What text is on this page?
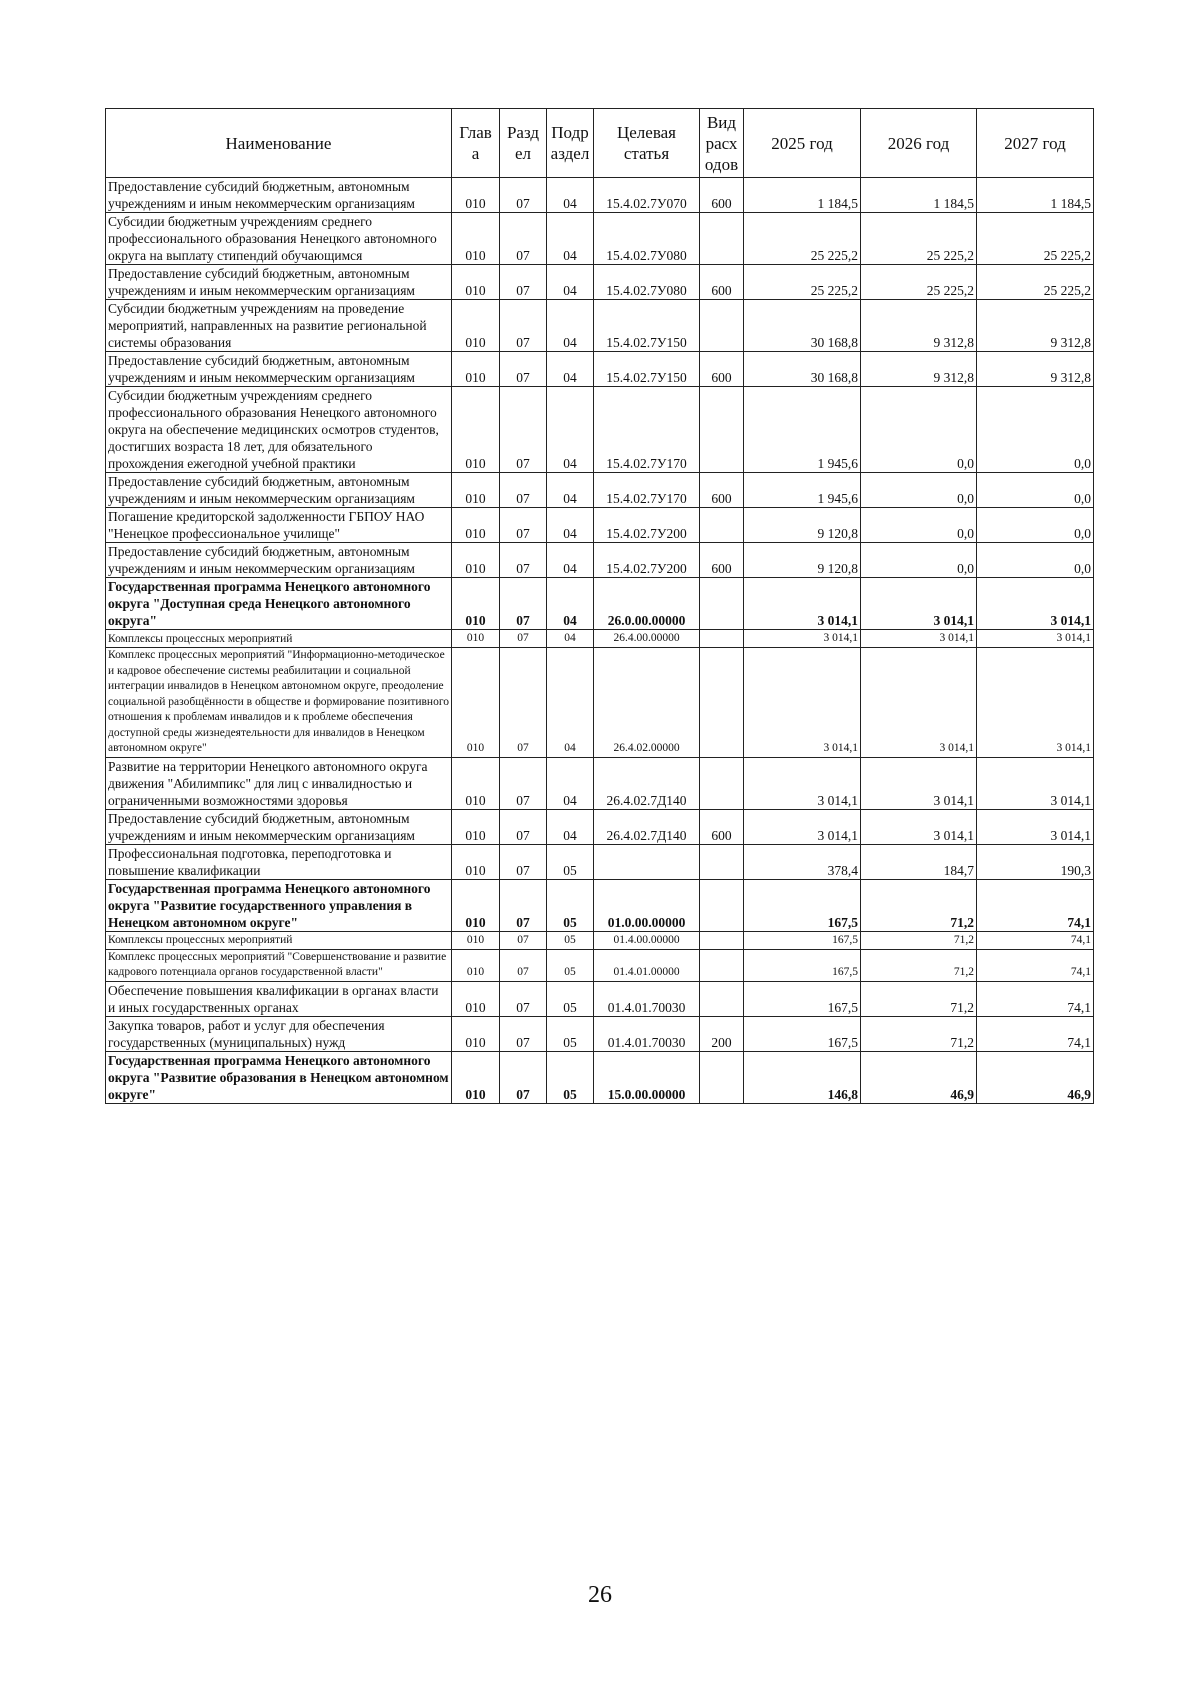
Наименование	Глав а	Разд ел	Подр аздел	Целевая статья	Вид расх одов	2025 год	2026 год	2027 год
Предоставление субсидий бюджетным, автономным учреждениям и иным некоммерческим организациям	010	07	04	15.4.02.7У070	600	1 184,5	1 184,5	1 184,5
Субсидии бюджетным учреждениям среднего профессионального образования Ненецкого автономного округа на выплату стипендий обучающимся	010	07	04	15.4.02.7У080		25 225,2	25 225,2	25 225,2
Предоставление субсидий бюджетным, автономным учреждениям и иным некоммерческим организациям	010	07	04	15.4.02.7У080	600	25 225,2	25 225,2	25 225,2
Субсидии бюджетным учреждениям на проведение мероприятий, направленных на развитие региональной системы образования	010	07	04	15.4.02.7У150		30 168,8	9 312,8	9 312,8
Предоставление субсидий бюджетным, автономным учреждениям и иным некоммерческим организациям	010	07	04	15.4.02.7У150	600	30 168,8	9 312,8	9 312,8
Субсидии бюджетным учреждениям среднего профессионального образования Ненецкого автономного округа на обеспечение медицинских осмотров студентов, достигших возраста 18 лет, для обязательного прохождения ежегодной учебной практики	010	07	04	15.4.02.7У170		1 945,6	0,0	0,0
Предоставление субсидий бюджетным, автономным учреждениям и иным некоммерческим организациям	010	07	04	15.4.02.7У170	600	1 945,6	0,0	0,0
Погашение кредиторской задолженности ГБПОУ НАО "Ненецкое профессиональное училище"	010	07	04	15.4.02.7У200		9 120,8	0,0	0,0
Предоставление субсидий бюджетным, автономным учреждениям и иным некоммерческим организациям	010	07	04	15.4.02.7У200	600	9 120,8	0,0	0,0
Государственная программа Ненецкого автономного округа "Доступная среда Ненецкого автономного округа"	010	07	04	26.0.00.00000		3 014,1	3 014,1	3 014,1
Комплексы процессных мероприятий	010	07	04	26.4.00.00000		3 014,1	3 014,1	3 014,1
Комплекс процессных мероприятий "Информационно-методическое и кадровое обеспечение системы реабилитации и социальной интеграции инвалидов в Ненецком автономном округе, преодоление социальной разобщённости в обществе и формирование позитивного отношения к проблемам инвалидов и к проблеме обеспечения доступной среды жизнедеятельности для инвалидов в Ненецком автономном округе"	010	07	04	26.4.02.00000		3 014,1	3 014,1	3 014,1
Развитие на территории Ненецкого автономного округа движения "Абилимпикс" для лиц с инвалидностью и ограниченными возможностями здоровья	010	07	04	26.4.02.7Д140		3 014,1	3 014,1	3 014,1
Предоставление субсидий бюджетным, автономным учреждениям и иным некоммерческим организациям	010	07	04	26.4.02.7Д140	600	3 014,1	3 014,1	3 014,1
Профессиональная подготовка, переподготовка и повышение квалификации	010	07	05			378,4	184,7	190,3
Государственная программа Ненецкого автономного округа "Развитие государственного управления в Ненецком автономном округе"	010	07	05	01.0.00.00000		167,5	71,2	74,1
Комплексы процессных мероприятий	010	07	05	01.4.00.00000		167,5	71,2	74,1
Комплекс процессных мероприятий "Совершенствование и развитие кадрового потенциала органов государственной власти"	010	07	05	01.4.01.00000		167,5	71,2	74,1
Обеспечение повышения квалификации в органах власти и иных государственных органах	010	07	05	01.4.01.70030		167,5	71,2	74,1
Закупка товаров, работ и услуг для обеспечения государственных (муниципальных) нужд	010	07	05	01.4.01.70030	200	167,5	71,2	74,1
Государственная программа Ненецкого автономного округа "Развитие образования в Ненецком автономном округе"	010	07	05	15.0.00.00000		146,8	46,9	46,9
26
